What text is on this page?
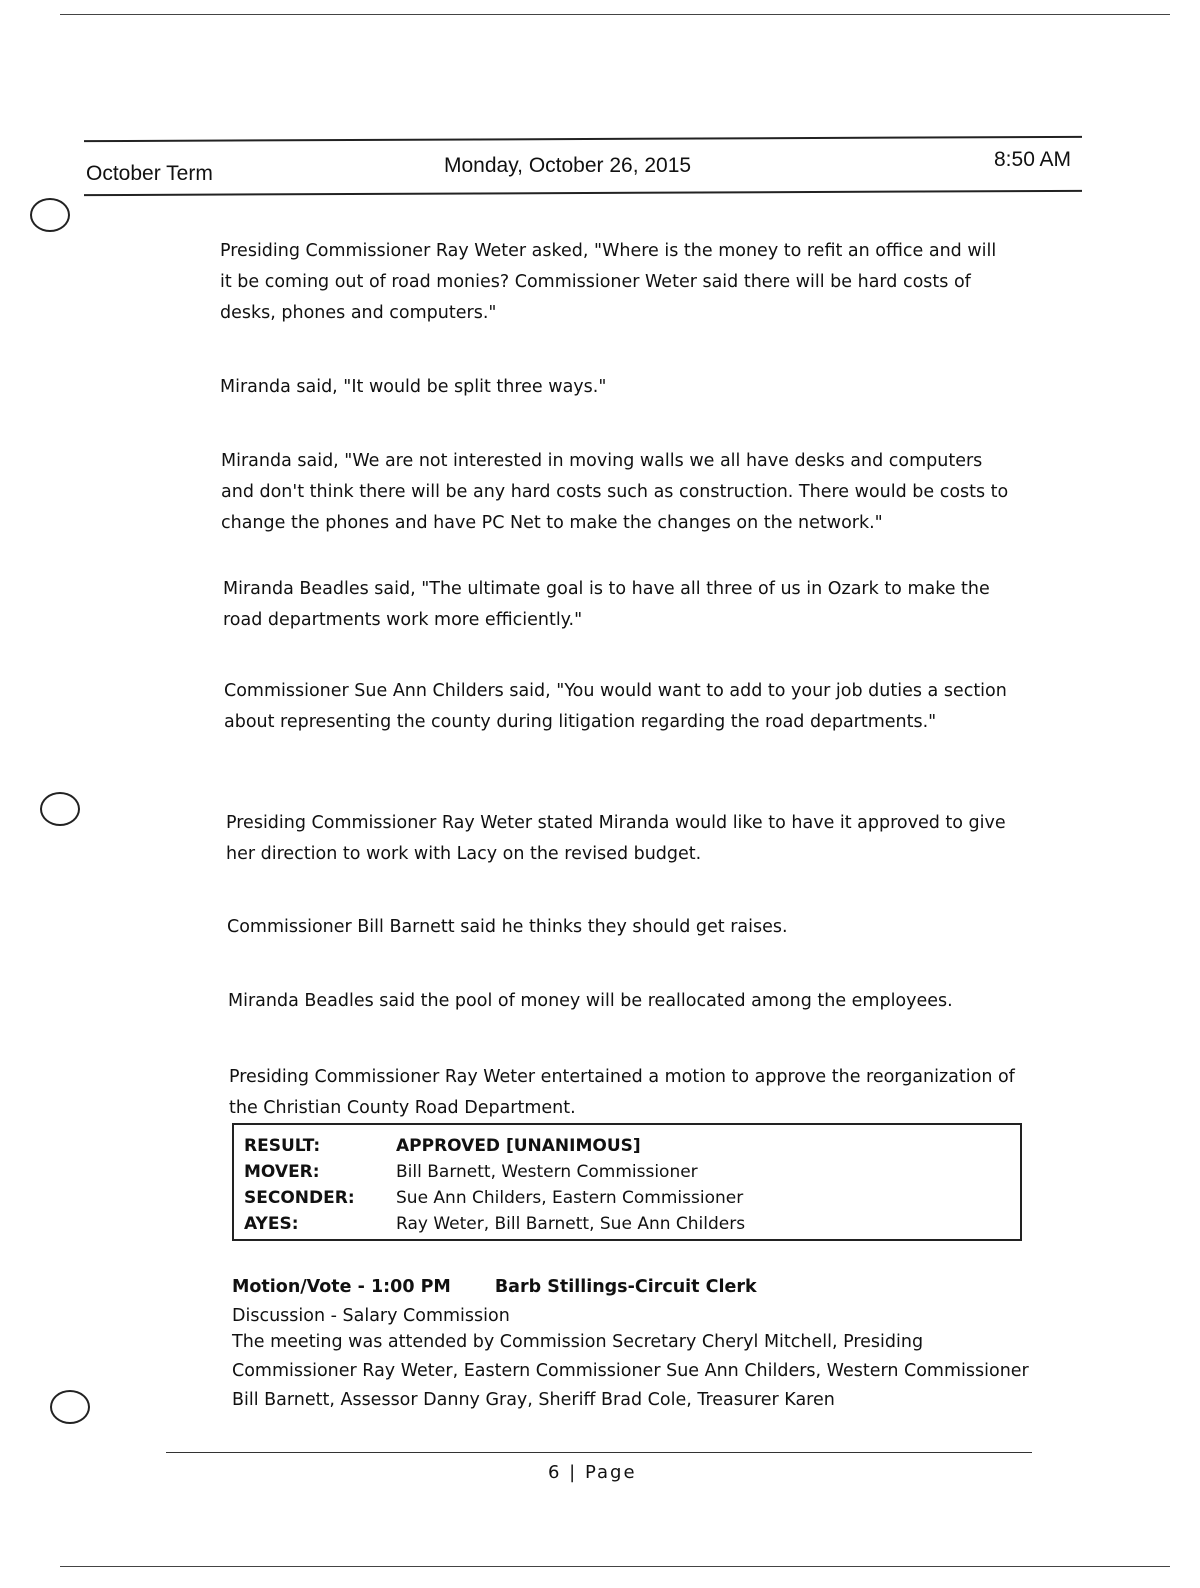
October Term	Monday, October 26, 2015	8:50 AM

Presiding Commissioner Ray Weter asked, "Where is the money to refit an office and will it be coming out of road monies? Commissioner Weter said there will be hard costs of desks, phones and computers."

Miranda said, "It would be split three ways."

Miranda said, "We are not interested in moving walls we all have desks and computers and don't think there will be any hard costs such as construction. There would be costs to change the phones and have PC Net to make the changes on the network."

Miranda Beadles said, "The ultimate goal is to have all three of us in Ozark to make the road departments work more efficiently."

Commissioner Sue Ann Childers said, "You would want to add to your job duties a section about representing the county during litigation regarding the road departments."

Presiding Commissioner Ray Weter stated Miranda would like to have it approved to give her direction to work with Lacy on the revised budget.

Commissioner Bill Barnett said he thinks they should get raises.

Miranda Beadles said the pool of money will be reallocated among the employees.

Presiding Commissioner Ray Weter entertained a motion to approve the reorganization of the Christian County Road Department.

RESULT:	APPROVED [UNANIMOUS]
MOVER:	Bill Barnett, Western Commissioner
SECONDER:	Sue Ann Childers, Eastern Commissioner
AYES:	Ray Weter, Bill Barnett, Sue Ann Childers
Motion/Vote - 1:00 PM	Barb Stillings-Circuit Clerk
Discussion - Salary Commission

The meeting was attended by Commission Secretary Cheryl Mitchell, Presiding Commissioner Ray Weter, Eastern Commissioner Sue Ann Childers, Western Commissioner Bill Barnett, Assessor Danny Gray, Sheriff Brad Cole, Treasurer Karen

6 | Page
